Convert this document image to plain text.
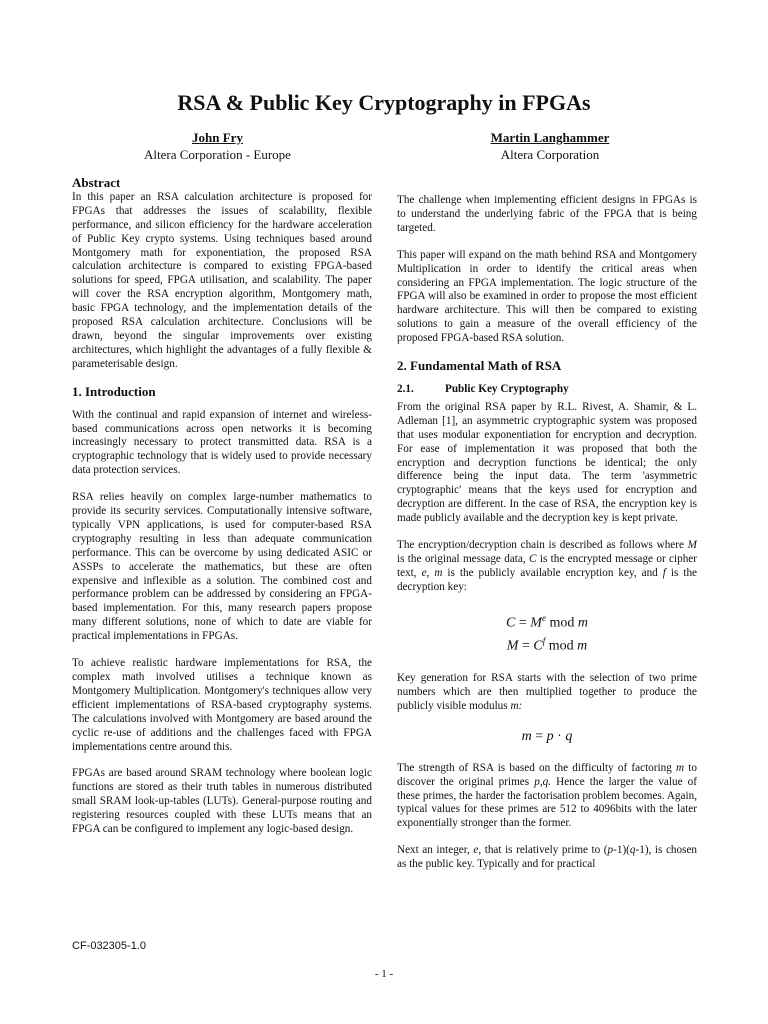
RSA & Public Key Cryptography in FPGAs
John Fry
Altera Corporation - Europe
Martin Langhammer
Altera Corporation
Abstract

In this paper an RSA calculation architecture is proposed for FPGAs that addresses the issues of scalability, flexible performance, and silicon efficiency for the hardware acceleration of Public Key crypto systems. Using techniques based around Montgomery math for exponentiation, the proposed RSA calculation architecture is compared to existing FPGA-based solutions for speed, FPGA utilisation, and scalability. The paper will cover the RSA encryption algorithm, Montgomery math, basic FPGA technology, and the implementation details of the proposed RSA calculation architecture. Conclusions will be drawn, beyond the singular improvements over existing architectures, which highlight the advantages of a fully flexible & parameterisable design.

1. Introduction

With the continual and rapid expansion of internet and wireless-based communications across open networks it is becoming increasingly necessary to protect transmitted data. RSA is a cryptographic technology that is widely used to provide necessary data protection services.

RSA relies heavily on complex large-number mathematics to provide its security services. Computationally intensive software, typically VPN applications, is used for computer-based RSA cryptography resulting in less than adequate communication performance. This can be overcome by using dedicated ASIC or ASSPs to accelerate the mathematics, but these are often expensive and inflexible as a solution. The combined cost and performance problem can be addressed by considering an FPGA-based implementation. For this, many research papers propose many different solutions, none of which to date are viable for practical implementations in FPGAs.

To achieve realistic hardware implementations for RSA, the complex math involved utilises a technique known as Montgomery Multiplication. Montgomery's techniques allow very efficient implementations of RSA-based cryptography systems. The calculations involved with Montgomery are based around the cyclic re-use of additions and the challenges faced with FPGA implementations centre around this.

FPGAs are based around SRAM technology where boolean logic functions are stored as their truth tables in numerous distributed small SRAM look-up-tables (LUTs). General-purpose routing and registering resources coupled with these LUTs means that an FPGA can be configured to implement any logic-based design.

The challenge when implementing efficient designs in FPGAs is to understand the underlying fabric of the FPGA that is being targeted.

This paper will expand on the math behind RSA and Montgomery Multiplication in order to identify the critical areas when considering an FPGA implementation. The logic structure of the FPGA will also be examined in order to propose the most efficient hardware architecture. This will then be compared to existing solutions to gain a measure of the overall efficiency of the proposed FPGA-based RSA solution.

2. Fundamental Math of RSA
2.1.	Public Key Cryptography

From the original RSA paper by R.L. Rivest, A. Shamir, & L. Adleman [1], an asymmetric cryptographic system was proposed that uses modular exponentiation for encryption and decryption. For ease of implementation it was proposed that both the encryption and decryption functions be identical; the only difference being the input data. The term 'asymmetric cryptographic' means that the keys used for encryption and decryption are different. In the case of RSA, the encryption key is made publicly available and the decryption key is kept private.

The encryption/decryption chain is described as follows where M is the original message data, C is the encrypted message or cipher text, e, m is the publicly available encryption key, and f is the decryption key:

$C = M^e$ mod m
$M = C^f$ mod m

Key generation for RSA starts with the selection of two prime numbers which are then multiplied together to produce the publicly visible modulus m:

m = p · q

The strength of RSA is based on the difficulty of factoring m to discover the original primes p,q. Hence the larger the value of these primes, the harder the factorisation problem becomes. Again, typical values for these primes are 512 to 4096bits with the later exponentially stronger than the former.

Next an integer, e, that is relatively prime to (p-1)(q-1), is chosen as the public key. Typically and for practical

CF-032305-1.0
- 1 -
